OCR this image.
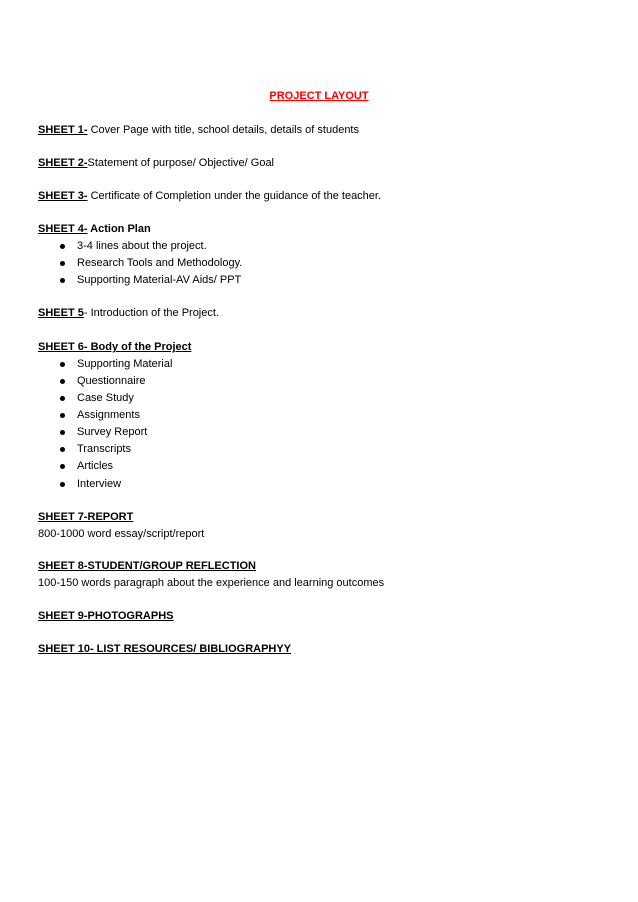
PROJECT LAYOUT
SHEET 1- Cover Page with title, school details, details of students
SHEET 2-Statement of purpose/ Objective/ Goal
SHEET 3- Certificate of Completion under the guidance of the teacher.
SHEET 4- Action Plan
3-4 lines about the project.
Research Tools and Methodology.
Supporting Material-AV Aids/ PPT
SHEET 5- Introduction of the Project.
SHEET 6- Body of the Project
Supporting Material
Questionnaire
Case Study
Assignments
Survey Report
Transcripts
Articles
Interview
SHEET 7-REPORT
800-1000 word essay/script/report
SHEET 8-STUDENT/GROUP REFLECTION
100-150 words paragraph about the experience and learning outcomes
SHEET 9-PHOTOGRAPHS
SHEET 10- LIST RESOURCES/ BIBLIOGRAPHYY
